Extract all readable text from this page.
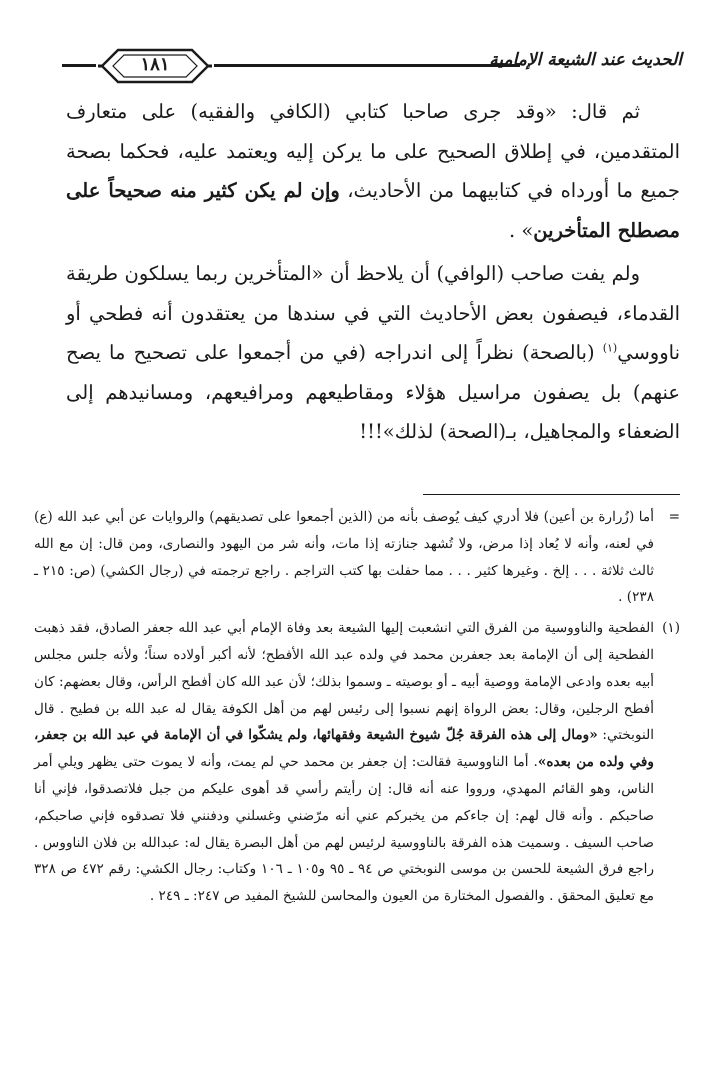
١٨١	الحديث عند الشيعة الإمامية

ثم قال: «وقد جرى صاحبا كتابي (الكافي والفقيه) على متعارف المتقدمين، في إطلاق الصحيح على ما يركن إليه ويعتمد عليه، فحكما بصحة جميع ما أورداه في كتابيهما من الأحاديث، وإن لم يكن كثير منه صحيحاً على مصطلح المتأخرين» .

ولم يفت صاحب (الوافي) أن يلاحظ أن «المتأخرين ربما يسلكون طريقة القدماء، فيصفون بعض الأحاديث التي في سندها من يعتقدون أنه فطحي أو ناووسي$^{(١)}$ (بالصحة) نظراً إلى اندراجه (في من أجمعوا على تصحيح ما يصح عنهم) بل يصفون مراسيل هؤلاء ومقاطيعهم ومرافيعهم، ومسانيدهم إلى الضعفاء والمجاهيل، بـ(الصحة) لذلك»!!!

=

أما (زُرارة بن أعين) فلا أدري كيف يُوصف بأنه من (الذين أجمعوا على تصديقهم) والروايات عن أبي عبد الله (ع) في لعنه، وأنه لا يُعاد إذا مرض، ولا تُشهد جنازته إذا مات، وأنه شر من اليهود والنصارى، ومن قال: إن مع الله ثالث ثلاثة . . . إلخ . وغيرها كثير . . . مما حفلت بها كتب التراجم . راجع ترجمته في (رجال الكشي) (ص: ٢١٥ ـ ٢٣٨) .

(١)

الفطحية والناووسية من الفرق التي انشعبت إليها الشيعة بعد وفاة الإمام أبي عبد الله جعفر الصادق، فقد ذهبت الفطحية إلى أن الإمامة بعد جعفربن محمد في ولده عبد الله الأفطح؛ لأنه أكبر أولاده سناً؛ ولأنه جلس مجلس أبيه بعده وادعى الإمامة ووصية أبيه ـ أو بوصيته ـ وسموا بذلك؛ لأن عبد الله كان أفطح الرأس، وقال بعضهم: كان أفطح الرجلين، وقال: بعض الرواة إنهم نسبوا إلى رئيس لهم من أهل الكوفة يقال له عبد الله بن فطيح . قال النوبختي: «ومال إلى هذه الفرقة جُلّ شيوخ الشيعة وفقهائها، ولم يشكّوا في أن الإمامة في عبد الله بن جعفر، وفي ولده من بعده». أما الناووسية فقالت: إن جعفر بن محمد حي لم يمت، وأنه لا يموت حتى يظهر ويلي أمر الناس، وهو القائم المهدي، ورووا عنه أنه قال: إن رأيتم رأسي قد أهوى عليكم من جبل فلاتصدقوا، فإني أنا صاحبكم . وأنه قال لهم: إن جاءكم من يخبركم عني أنه مرّضني وغسلني ودفنني فلا تصدقوه فإني صاحبكم، صاحب السيف . وسميت هذه الفرقة بالناووسية لرئيس لهم من أهل البصرة يقال له: عبدالله بن فلان الناووس . راجع فرق الشيعة للحسن بن موسى النوبختي ص ٩٤ ـ ٩٥ و١٠٥ ـ ١٠٦ وكتاب: رجال الكشي: رقم ٤٧٢ ص ٣٢٨ مع تعليق المحقق . والفصول المختارة من العيون والمحاسن للشيخ المفيد ص ٢٤٧: ـ ٢٤٩ .
